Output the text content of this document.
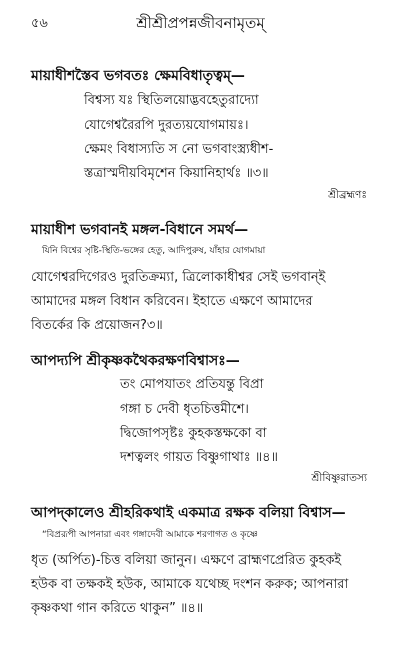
৫৬	শ্রীশ্রীপ্রপন্নজীবনামৃতম্
মায়াধীশস্তৈব ভগবতঃ ক্ষেমবিধাতৃত্বম্—
বিশ্বস্য যঃ স্থিতিলয়োদ্ভবহেতুরাদ্যো
যোগেশ্বরৈরপি দুরত্যয়যোগমায়ঃ।
ক্ষেমং বিধাস্যতি স নো ভগবাংস্ত্র্যধীশ-
স্তত্রাস্মদীয়বিমৃশেন কিয়ানিহার্থঃ ॥৩॥
শ্রীব্রহ্মণঃ
মায়াধীশ ভগবানই মঙ্গল-বিধানে সমর্থ—
যিনি বিশ্বের সৃষ্টি-স্থিতি-ভঙ্গের হেতু, আদিপুরুষ, যাঁহার যোগমায়া
যোগেশ্বরদিগেরও দুরতিক্রম্যা, ত্রিলোকাধীশ্বর সেই ভগবান্ই
আমাদের মঙ্গল বিধান করিবেন। ইহাতে এক্ষণে আমাদের
বিতর্কের কি প্রয়োজন?৩॥
আপদ্যপি শ্রীকৃষ্ণকথৈকরক্ষণবিশ্বাসঃ—
তং মোপযাতং প্রতিযন্তু বিপ্রা
গঙ্গা চ দেবী ধৃতচিত্তমীশে।
দ্বিজোপসৃষ্টঃ কুহকস্তক্ষকো বা
দশত্বলং গায়ত বিষ্ণুগাথাঃ ॥৪॥
শ্রীবিষ্ণুরাতস্য
আপদ্কালেও শ্রীহরিকথাই একমাত্র রক্ষক বলিয়া বিশ্বাস—
“বিপ্ররূপী আপনারা এবং গঙ্গাদেবী আমাকে শরণাগত ও কৃষ্ণে
ধৃত (অর্পিত)-চিত্ত বলিয়া জানুন। এক্ষণে ব্রাহ্মণপ্রেরিত কুহকই
হউক বা তক্ষকই হউক, আমাকে যথেচ্ছ দংশন করুক; আপনারা
কৃষ্ণকথা গান করিতে থাকুন” ॥৪॥
